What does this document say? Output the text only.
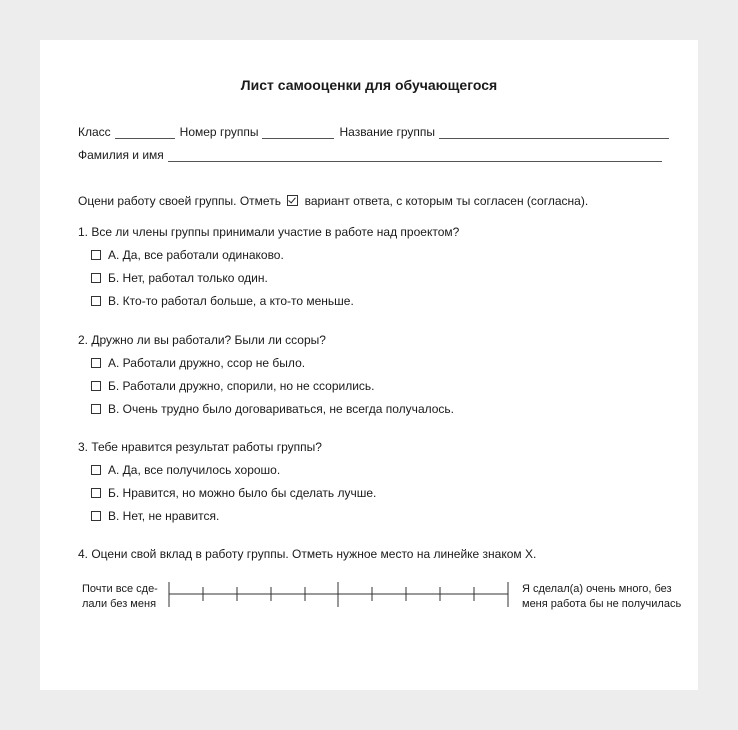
Лист самооценки для обучающегося
Класс	Номер группы	Название группы
Фамилия и имя
Оцени работу своей группы. Отметь вариант ответа, с которым ты согласен (согласна).
1. Все ли члены группы принимали участие в работе над проектом?
А. Да, все работали одинаково.
Б. Нет, работал только один.
В. Кто-то работал больше, а кто-то меньше.
2. Дружно ли вы работали? Были ли ссоры?
А. Работали дружно, ссор не было.
Б. Работали дружно, спорили, но не ссорились.
В. Очень трудно было договариваться, не всегда получалось.
3. Тебе нравится результат работы группы?
А. Да, все получилось хорошо.
Б. Нравится, но можно было бы сделать лучше.
В. Нет, не нравится.
4. Оцени свой вклад в работу группы. Отметь нужное место на линейке знаком Х.
Почти все сде-
лали без меня
Я сделал(а) очень много, без
меня работа бы не получилась
